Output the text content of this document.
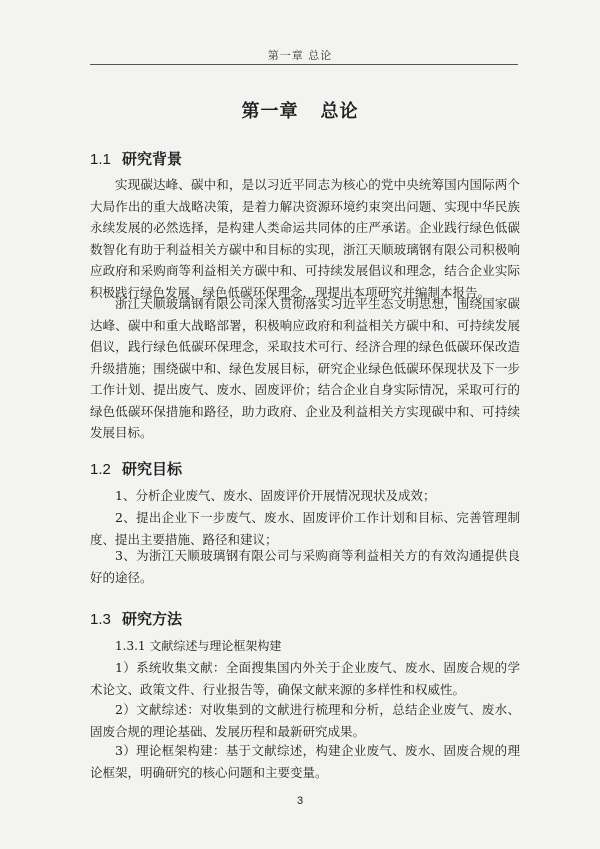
第一章 总论
第一章 总论
1.1 研究背景

实现碳达峰、碳中和，是以习近平同志为核心的党中央统筹国内国际两个大局作出的重大战略决策，是着力解决资源环境约束突出问题、实现中华民族永续发展的必然选择，是构建人类命运共同体的庄严承诺。企业践行绿色低碳数智化有助于利益相关方碳中和目标的实现，浙江天顺玻璃钢有限公司积极响应政府和采购商等利益相关方碳中和、可持续发展倡议和理念，结合企业实际积极践行绿色发展、绿色低碳环保理念，现提出本项研究并编制本报告。

浙江天顺玻璃钢有限公司深入贯彻落实习近平生态文明思想，围绕国家碳达峰、碳中和重大战略部署，积极响应政府和利益相关方碳中和、可持续发展倡议，践行绿色低碳环保理念，采取技术可行、经济合理的绿色低碳环保改造 升级措施；围绕碳中和、绿色发展目标，研究企业绿色低碳环保现状及下一步工作计划、提出废气、废水、固废评价；结合企业自身实际情况，采取可行的绿色低碳环保措施和路径，助力政府、企业及利益相关方实现碳中和、可持续发展目标。

1.2 研究目标

1、分析企业废气、废水、固废评价开展情况现状及成效；

2、提出企业下一步废气、废水、固废评价工作计划和目标、完善管理制度、提出主要措施、路径和建议；

3、为浙江天顺玻璃钢有限公司与采购商等利益相关方的有效沟通提供良好的途径。

1.3 研究方法
1.3.1 文献综述与理论框架构建

1）系统收集文献：全面搜集国内外关于企业废气、废水、固废合规的学术论文、政策文件、行业报告等，确保文献来源的多样性和权威性。

2）文献综述：对收集到的文献进行梳理和分析，总结企业废气、废水、固废合规的理论基础、发展历程和最新研究成果。

3）理论框架构建：基于文献综述，构建企业废气、废水、固废合规的理论框架，明确研究的核心问题和主要变量。

3
